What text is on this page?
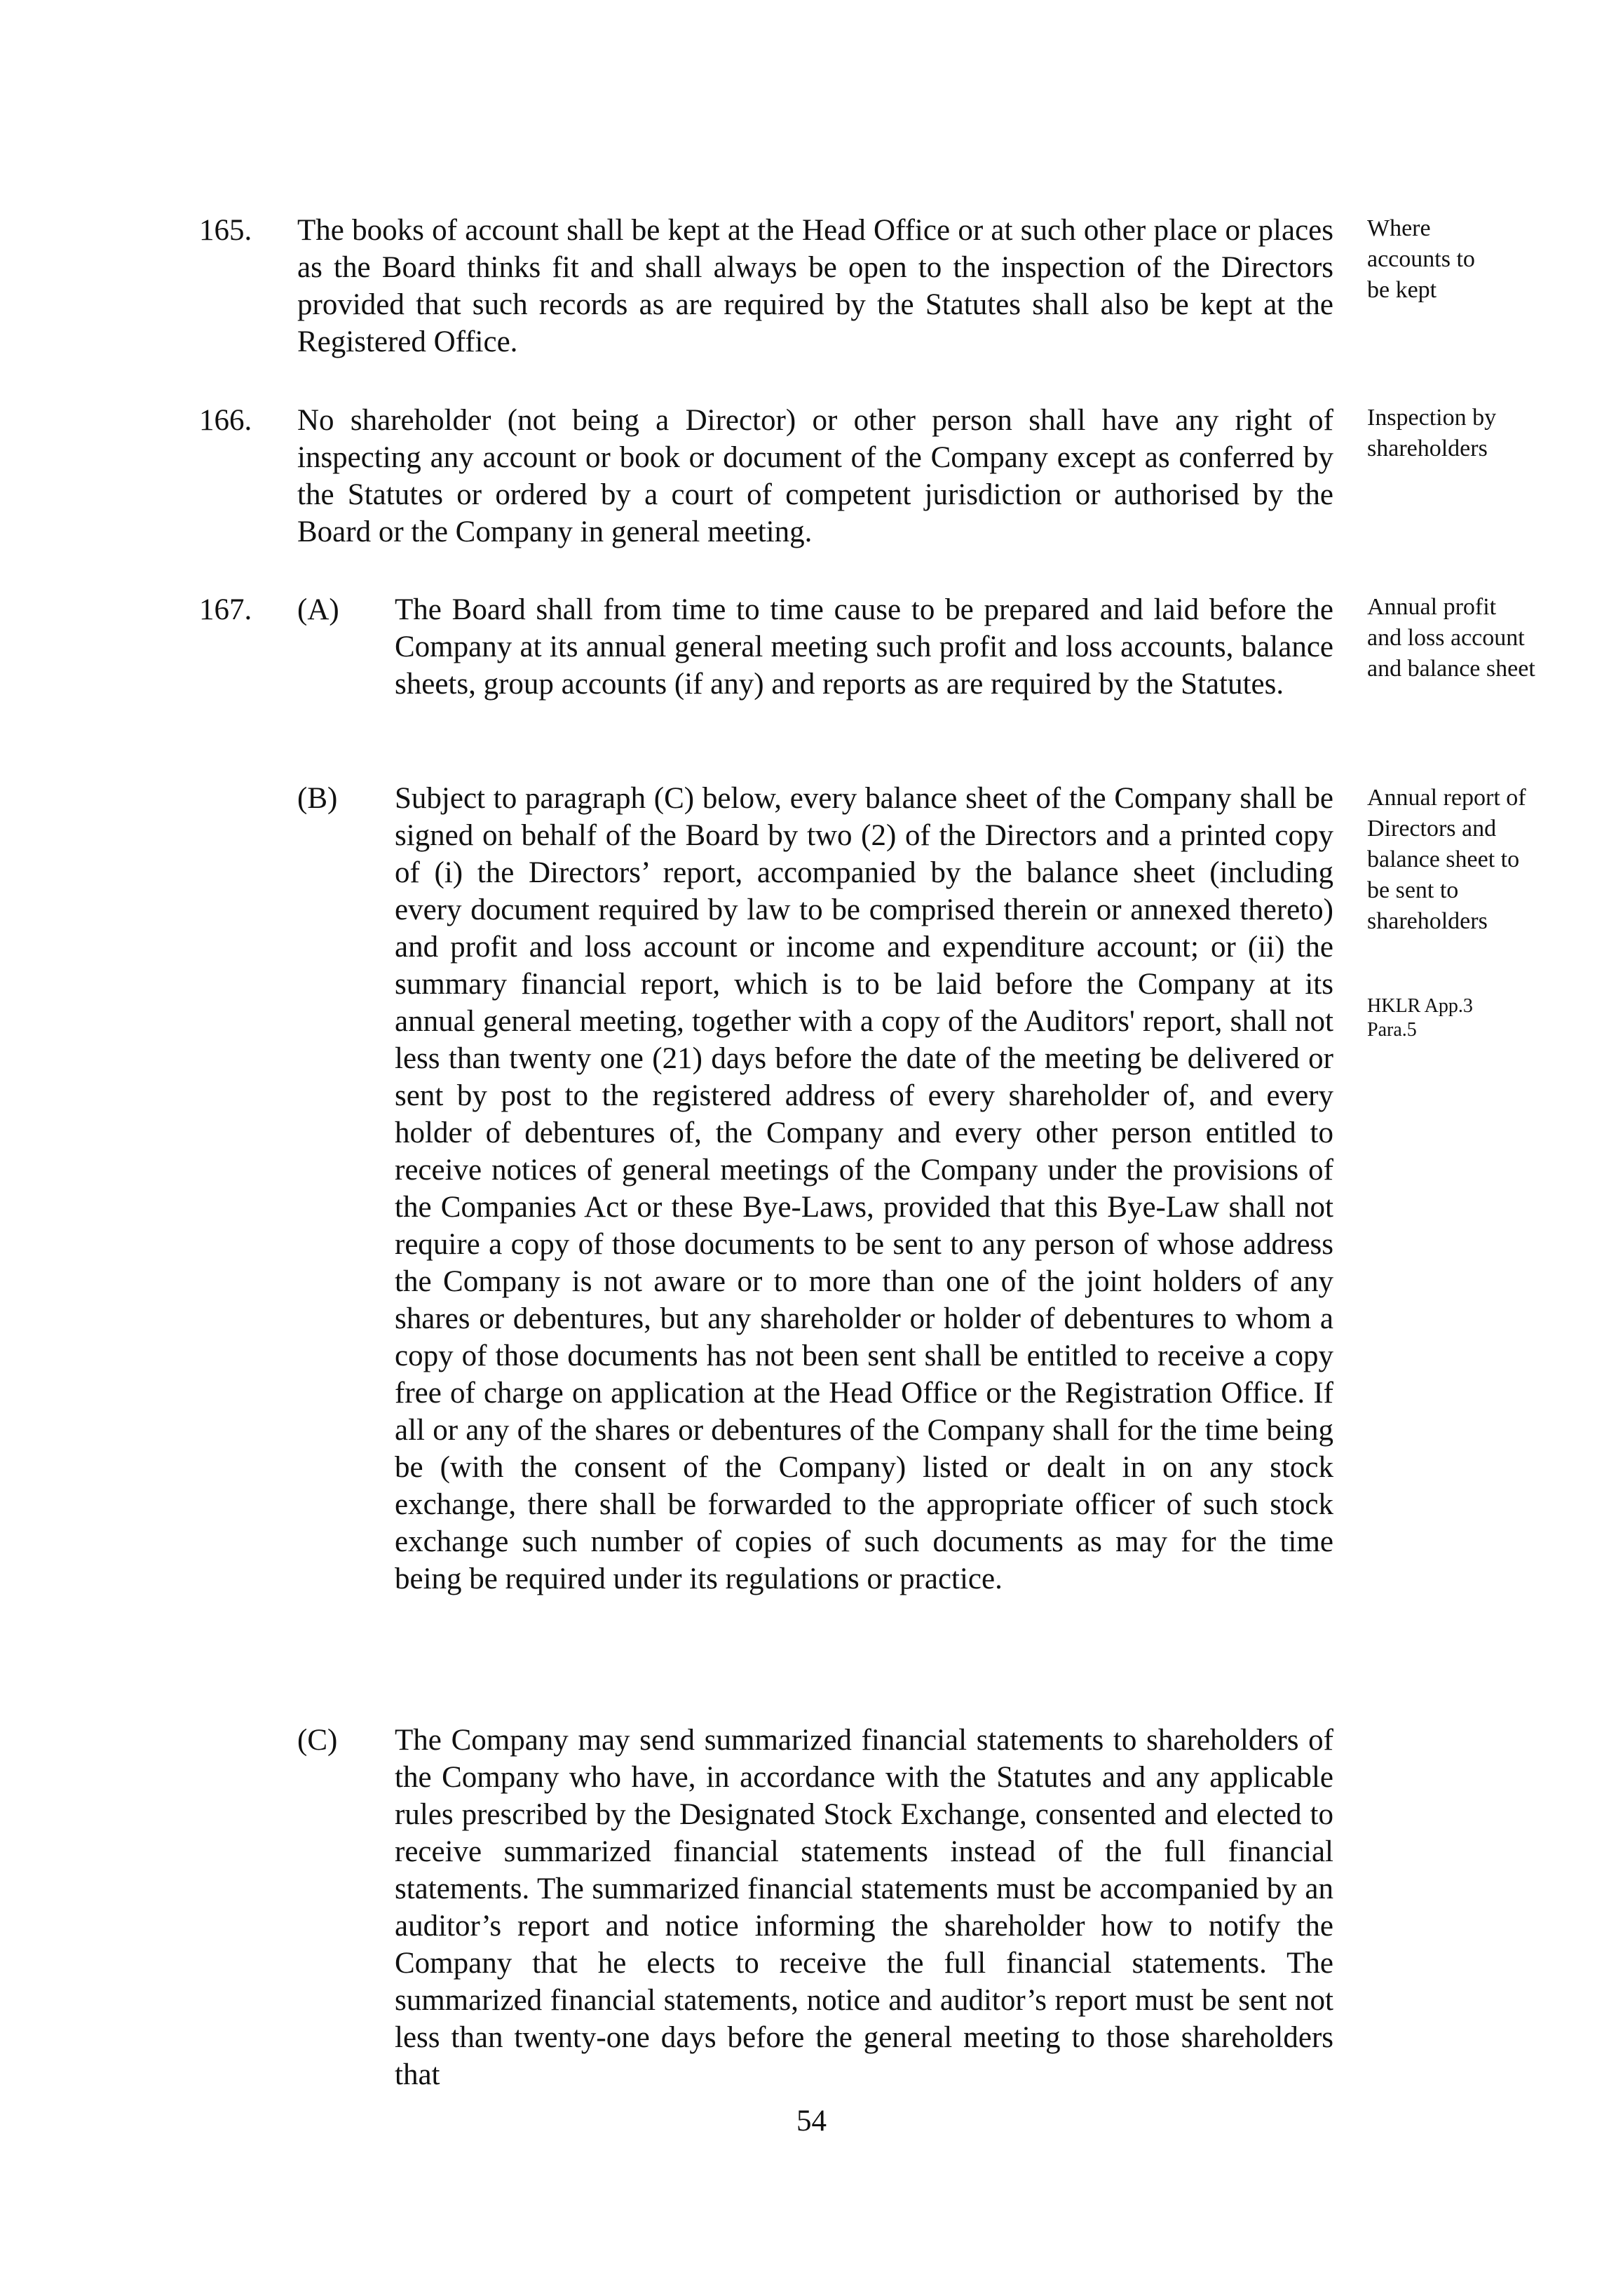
165. The books of account shall be kept at the Head Office or at such other place or places as the Board thinks fit and shall always be open to the inspection of the Directors provided that such records as are required by the Statutes shall also be kept at the Registered Office.
Where accounts to be kept
166. No shareholder (not being a Director) or other person shall have any right of inspecting any account or book or document of the Company except as conferred by the Statutes or ordered by a court of competent jurisdiction or authorised by the Board or the Company in general meeting.
Inspection by shareholders
167. (A) The Board shall from time to time cause to be prepared and laid before the Company at its annual general meeting such profit and loss accounts, balance sheets, group accounts (if any) and reports as are required by the Statutes.
Annual profit and loss account and balance sheet
(B) Subject to paragraph (C) below, every balance sheet of the Company shall be signed on behalf of the Board by two (2) of the Directors and a printed copy of (i) the Directors’ report, accompanied by the balance sheet (including every document required by law to be comprised therein or annexed thereto) and profit and loss account or income and expenditure account; or (ii) the summary financial report, which is to be laid before the Company at its annual general meeting, together with a copy of the Auditors' report, shall not less than twenty one (21) days before the date of the meeting be delivered or sent by post to the registered address of every shareholder of, and every holder of debentures of, the Company and every other person entitled to receive notices of general meetings of the Company under the provisions of the Companies Act or these Bye-Laws, provided that this Bye-Law shall not require a copy of those documents to be sent to any person of whose address the Company is not aware or to more than one of the joint holders of any shares or debentures, but any shareholder or holder of debentures to whom a copy of those documents has not been sent shall be entitled to receive a copy free of charge on application at the Head Office or the Registration Office. If all or any of the shares or debentures of the Company shall for the time being be (with the consent of the Company) listed or dealt in on any stock exchange, there shall be forwarded to the appropriate officer of such stock exchange such number of copies of such documents as may for the time being be required under its regulations or practice.
Annual report of Directors and balance sheet to be sent to shareholders
HKLR App.3 Para.5
(C) The Company may send summarized financial statements to shareholders of the Company who have, in accordance with the Statutes and any applicable rules prescribed by the Designated Stock Exchange, consented and elected to receive summarized financial statements instead of the full financial statements. The summarized financial statements must be accompanied by an auditor’s report and notice informing the shareholder how to notify the Company that he elects to receive the full financial statements. The summarized financial statements, notice and auditor’s report must be sent not less than twenty-one days before the general meeting to those shareholders that
54
